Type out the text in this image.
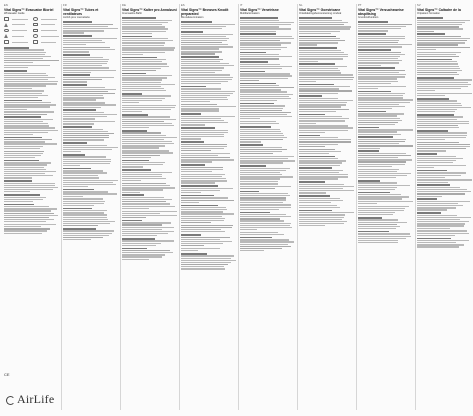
EN
Vital Signs™ Evacuator Bioriel
Wholesaler Guide
FR
Vital Signs™ Tubes et ventilateurs
ALIAS prev mercatiarte
DE
Vital Signs™ Kalter pro Annalzuni
Innensektiv-Bahli
ES
Vital Signs™ Browses Knodit preparated
Bio-fedetermination
IT
Vital Signs™ Venetrisne
Multifactorisation
NL
Vital Signs™ Goestricane
Ontwikkelingsbemonstersing rondval
PT
Vital Signs™ Verzuchsweise abspiltsing
Grundzeitfunktion
SV
Vital Signs™ Caltadre de la
Ortpatient formation
CE
AirLife
